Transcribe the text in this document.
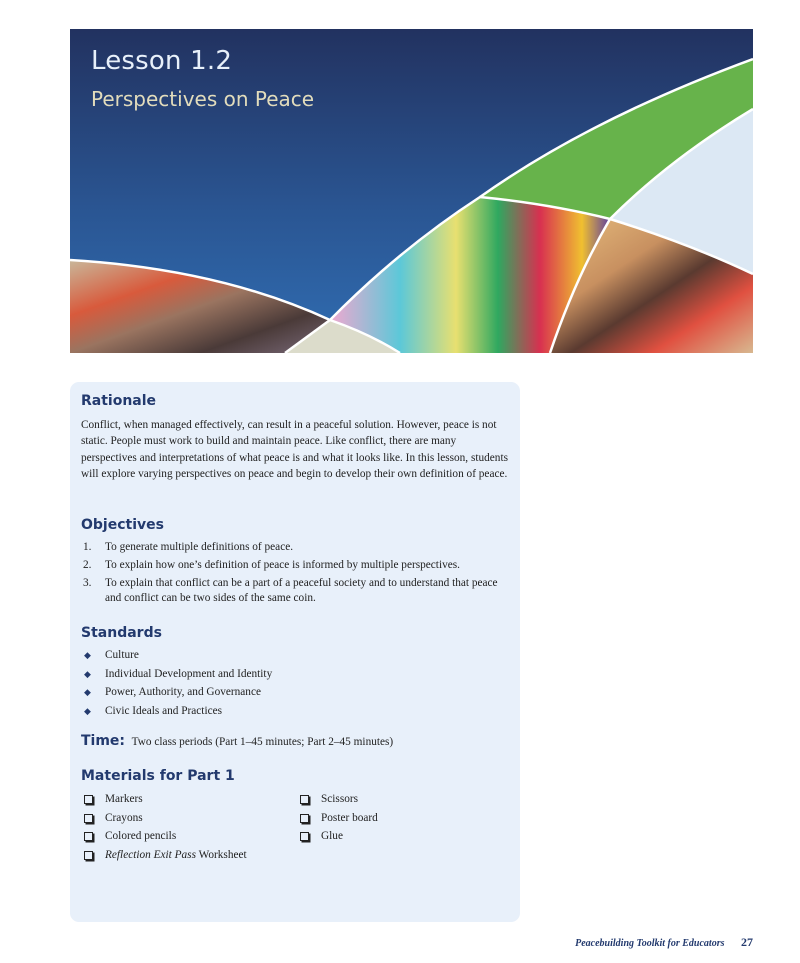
Lesson 1.2
Perspectives on Peace
Rationale
Conflict, when managed effectively, can result in a peaceful solution. However, peace is not static. People must work to build and maintain peace. Like conflict, there are many perspectives and interpretations of what peace is and what it looks like. In this lesson, students will explore varying perspectives on peace and begin to develop their own definition of peace.
Objectives
1. To generate multiple definitions of peace.
2. To explain how one’s definition of peace is informed by multiple perspectives.
3. To explain that conflict can be a part of a peaceful society and to understand that peace and conflict can be two sides of the same coin.
Standards
◆ Culture
◆ Individual Development and Identity
◆ Power, Authority, and Governance
◆ Civic Ideals and Practices
Time: Two class periods (Part 1–45 minutes; Part 2–45 minutes)
Materials for Part 1
Markers
Crayons
Colored pencils
Reflection Exit Pass Worksheet
Scissors
Poster board
Glue
Peacebuilding Toolkit for Educators 27
